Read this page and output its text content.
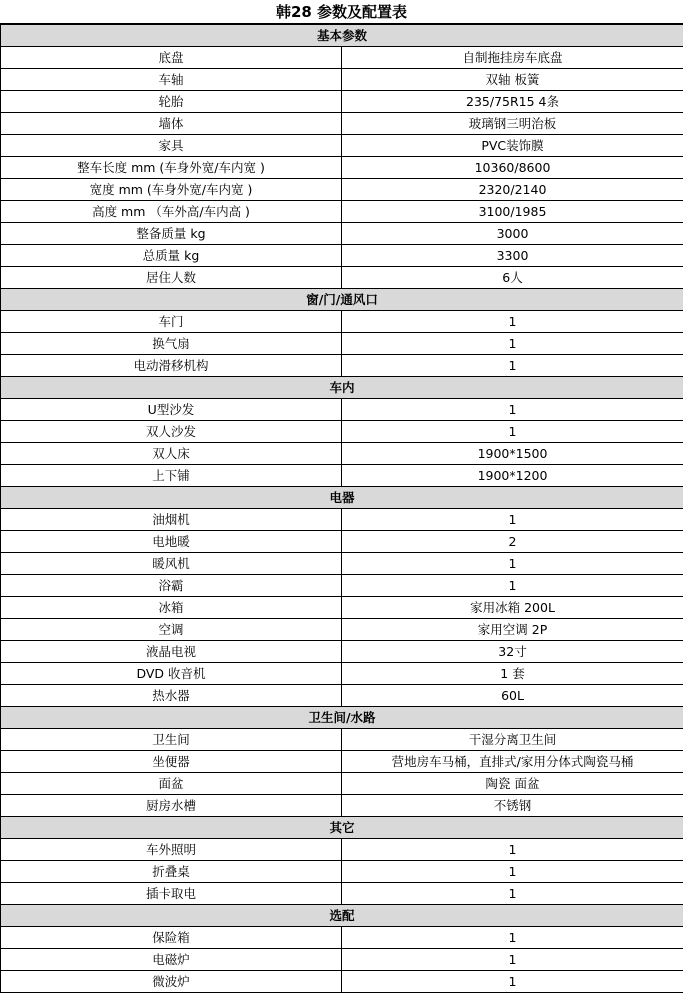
韩28 参数及配置表
基本参数	
底盘	自制拖挂房车底盘
车轴	双轴 板簧
轮胎	235/75R15 4条
墙体	玻璃钢三明治板
家具	PVC装饰膜
整车长度 mm (车身外宽/车内宽 )	10360/8600
宽度 mm (车身外宽/车内宽 )	2320/2140
高度 mm （车外高/车内高 )	3100/1985
整备质量 kg	3000
总质量 kg	3300
居住人数	6人
窗/门/通风口	
车门	1
换气扇	1
电动滑移机构	1
车内	
U型沙发	1
双人沙发	1
双人床	1900*1500
上下铺	1900*1200
电器	
油烟机	1
电地暖	2
暖风机	1
浴霸	1
冰箱	家用冰箱 200L
空调	家用空调 2P
液晶电视	32寸
DVD 收音机	1 套
热水器	60L
卫生间/水路	
卫生间	干湿分离卫生间
坐便器	营地房车马桶，直排式/家用分体式陶瓷马桶
面盆	陶瓷 面盆
厨房水槽	不锈钢
其它	
车外照明	1
折叠桌	1
插卡取电	1
选配	
保险箱	1
电磁炉	1
微波炉	1
